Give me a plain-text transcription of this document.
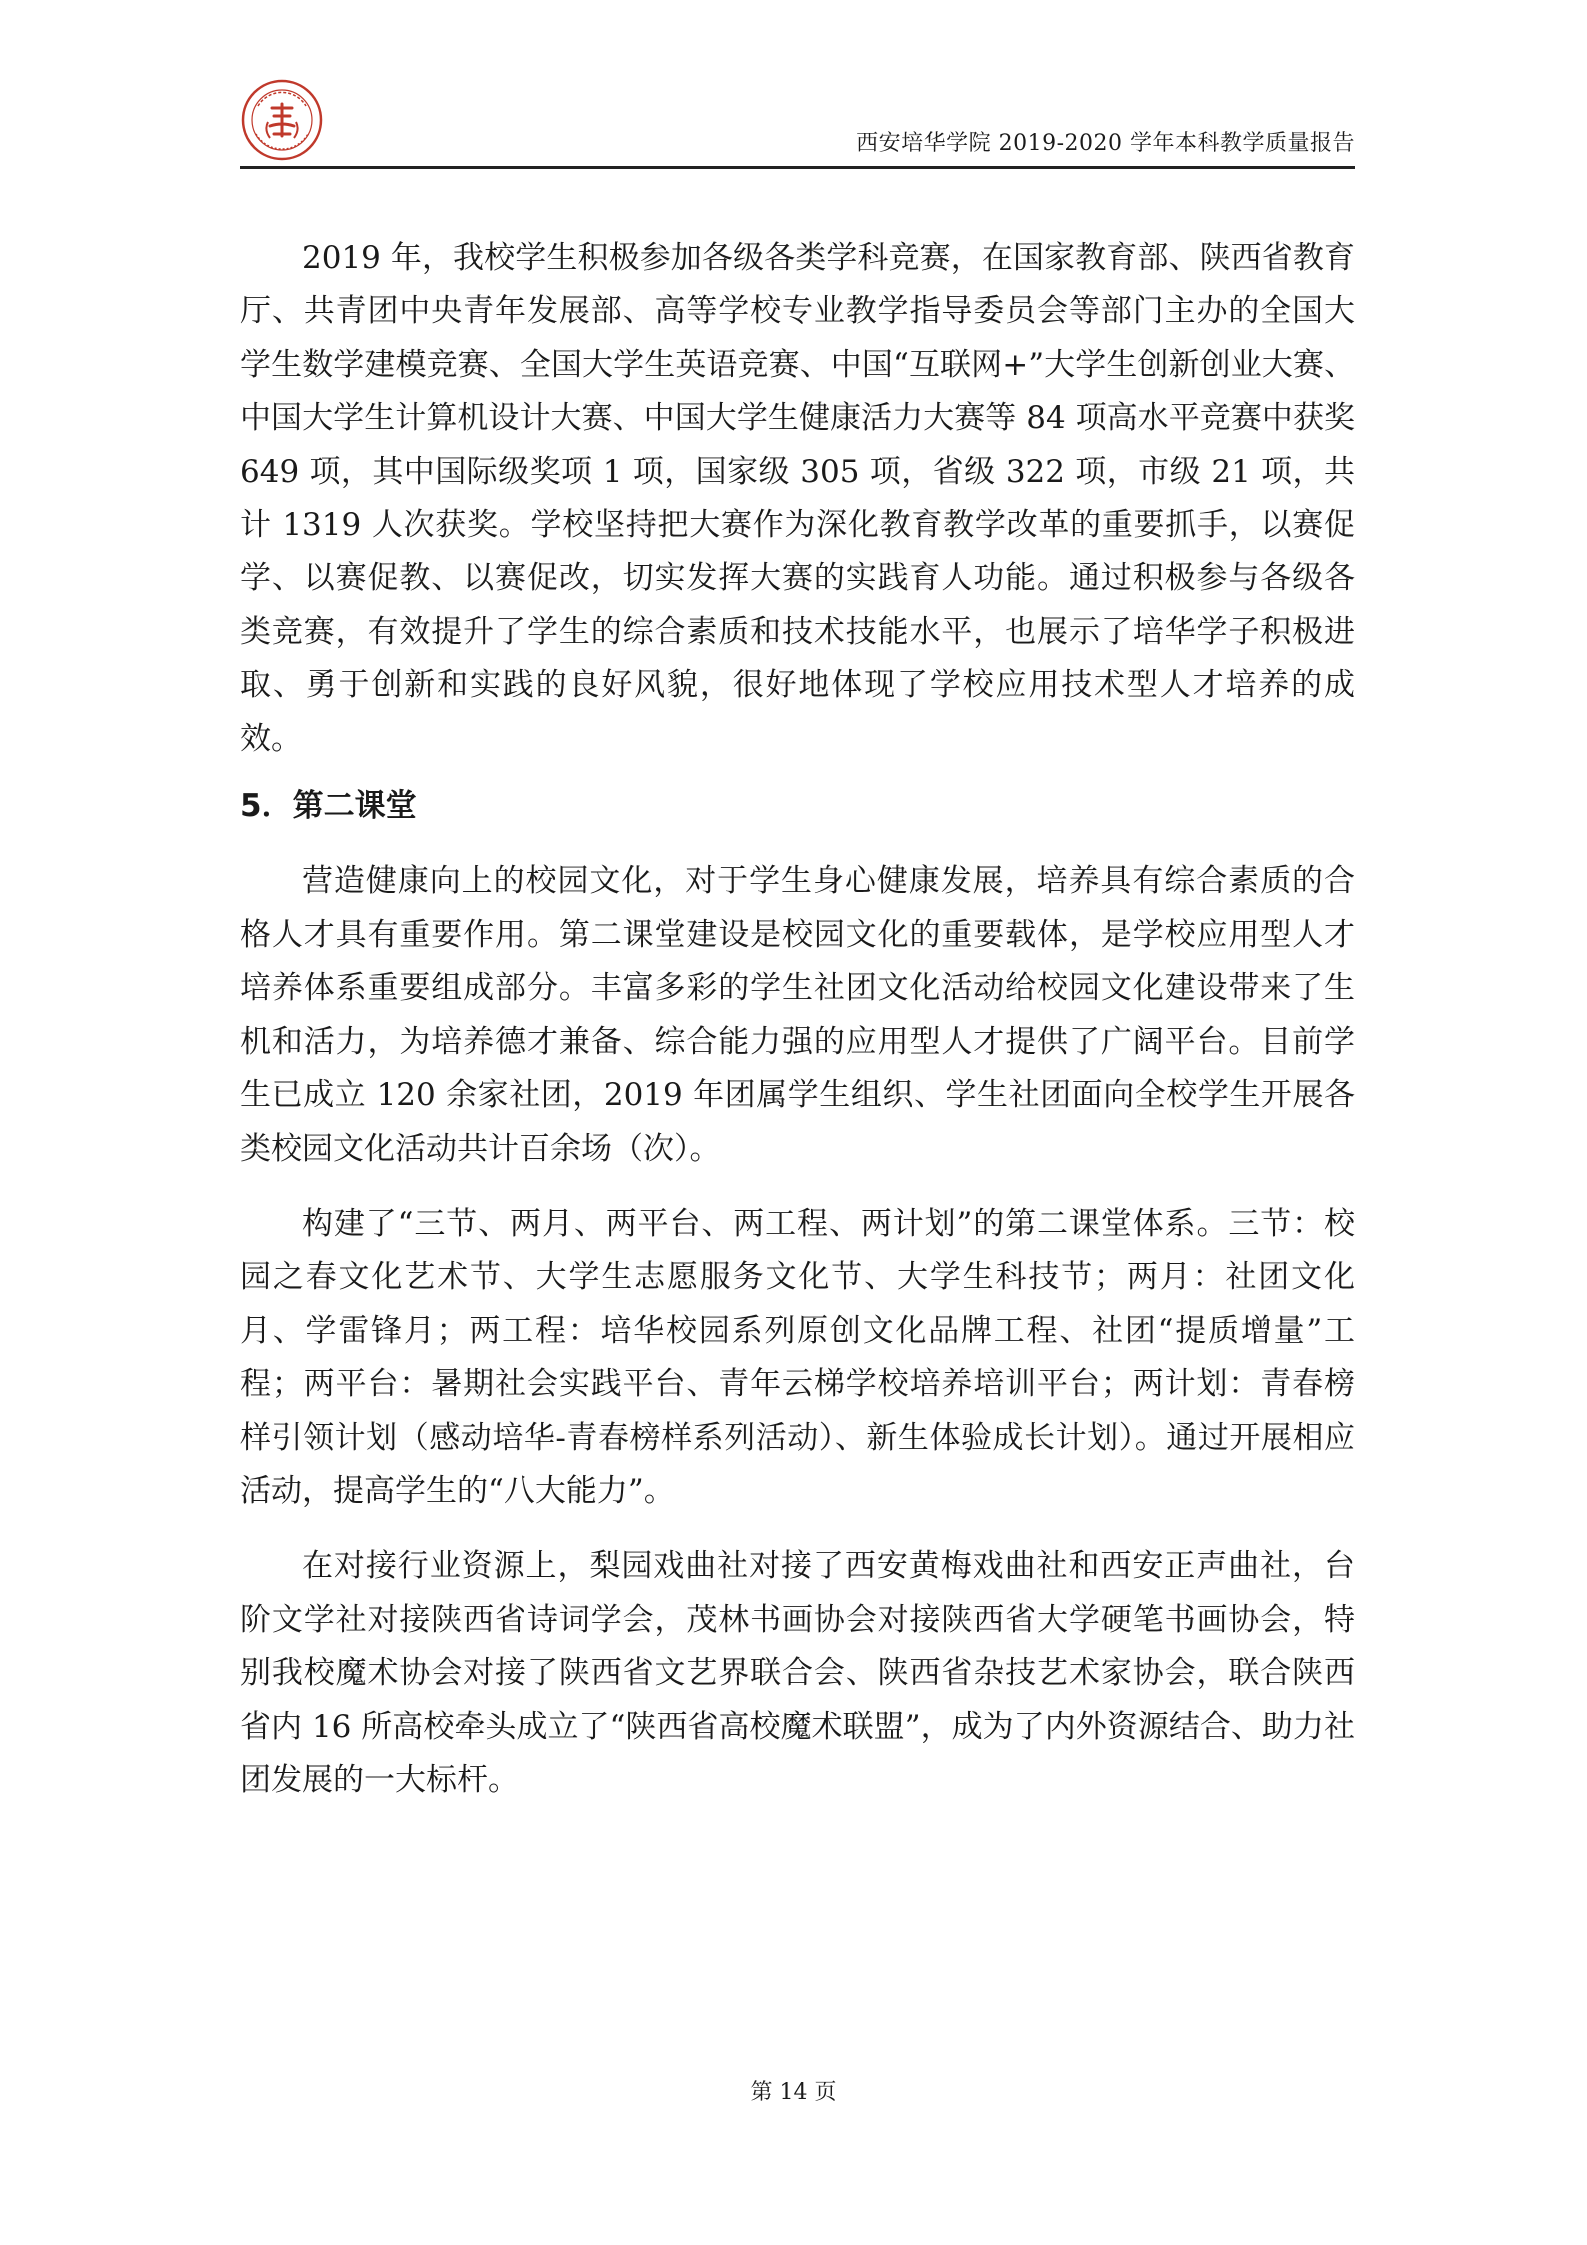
西安培华学院 2019-2020 学年本科教学质量报告

2019 年，我校学生积极参加各级各类学科竞赛，在国家教育部、陕西省教育厅、共青团中央青年发展部、高等学校专业教学指导委员会等部门主办的全国大学生数学建模竞赛、全国大学生英语竞赛、中国“互联网+”大学生创新创业大赛、中国大学生计算机设计大赛、中国大学生健康活力大赛等 84 项高水平竞赛中获奖 649 项，其中国际级奖项 1 项，国家级 305 项，省级 322 项，市级 21 项，共计 1319 人次获奖。学校坚持把大赛作为深化教育教学改革的重要抓手，以赛促学、以赛促教、以赛促改，切实发挥大赛的实践育人功能。通过积极参与各级各类竞赛，有效提升了学生的综合素质和技术技能水平，也展示了培华学子积极进取、勇于创新和实践的良好风貌，很好地体现了学校应用技术型人才培养的成效。

5．第二课堂

营造健康向上的校园文化，对于学生身心健康发展，培养具有综合素质的合格人才具有重要作用。第二课堂建设是校园文化的重要载体，是学校应用型人才培养体系重要组成部分。丰富多彩的学生社团文化活动给校园文化建设带来了生机和活力，为培养德才兼备、综合能力强的应用型人才提供了广阔平台。目前学生已成立 120 余家社团，2019 年团属学生组织、学生社团面向全校学生开展各类校园文化活动共计百余场（次）。

构建了“三节、两月、两平台、两工程、两计划”的第二课堂体系。三节：校园之春文化艺术节、大学生志愿服务文化节、大学生科技节；两月：社团文化月、学雷锋月；两工程：培华校园系列原创文化品牌工程、社团“提质增量”工程；两平台：暑期社会实践平台、青年云梯学校培养培训平台；两计划：青春榜样引领计划（感动培华-青春榜样系列活动）、新生体验成长计划）。通过开展相应活动，提高学生的“八大能力”。

在对接行业资源上，梨园戏曲社对接了西安黄梅戏曲社和西安正声曲社，台阶文学社对接陕西省诗词学会，茂林书画协会对接陕西省大学硬笔书画协会，特别我校魔术协会对接了陕西省文艺界联合会、陕西省杂技艺术家协会，联合陕西省内 16 所高校牵头成立了“陕西省高校魔术联盟”，成为了内外资源结合、助力社团发展的一大标杆。

第 14 页
